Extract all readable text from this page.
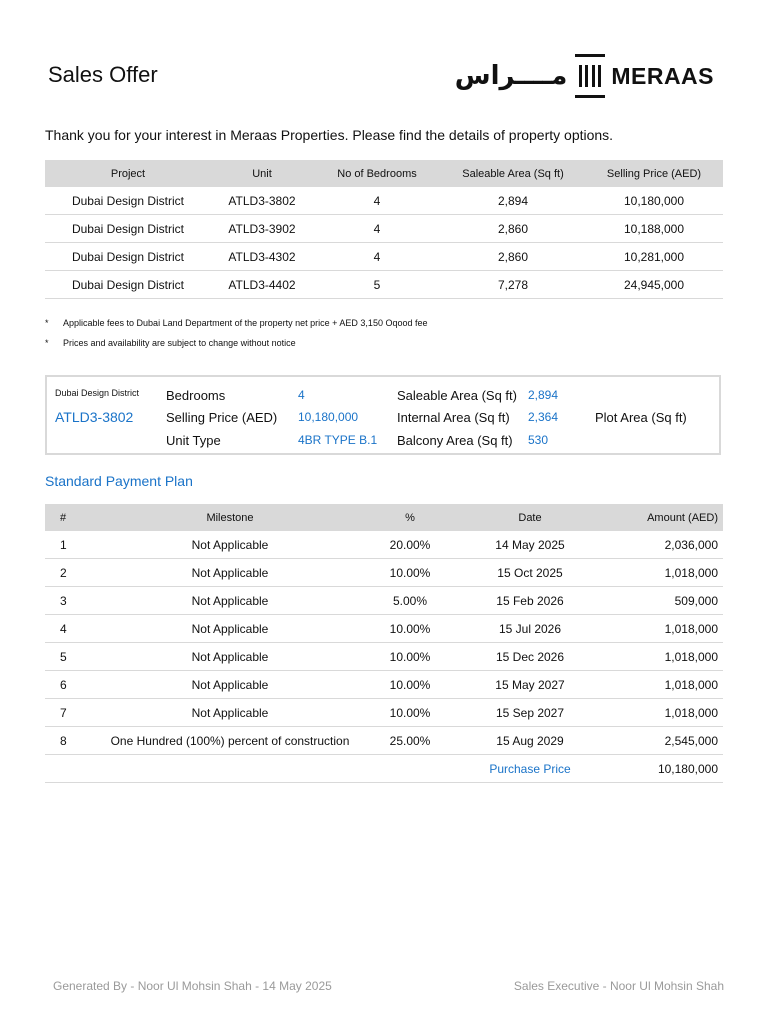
Sales Offer	مــــراس MERAAS
Thank you for your interest in Meraas Properties. Please find the details of property options.
Project	Unit	No of Bedrooms	Saleable Area (Sq ft)	Selling Price (AED)
Dubai Design District	ATLD3-3802	4	2,894	10,180,000
Dubai Design District	ATLD3-3902	4	2,860	10,188,000
Dubai Design District	ATLD3-4302	4	2,860	10,281,000
Dubai Design District	ATLD3-4402	5	7,278	24,945,000
* Applicable fees to Dubai Land Department of the property net price + AED 3,150 Oqood fee
* Prices and availability are subject to change without notice
Dubai Design District
ATLD3-3802
Bedrooms	4
Selling Price (AED) 10,180,000
Unit Type	4BR TYPE B.1
Saleable Area (Sq ft) 2,894
Internal Area (Sq ft) 2,364
Balcony Area (Sq ft) 530
Plot Area (Sq ft)
Standard Payment Plan
#	Milestone	%	Date	Amount (AED)
1	Not Applicable	20.00%	14 May 2025	2,036,000
2	Not Applicable	10.00%	15 Oct 2025	1,018,000
3	Not Applicable	5.00%	15 Feb 2026	509,000
4	Not Applicable	10.00%	15 Jul 2026	1,018,000
5	Not Applicable	10.00%	15 Dec 2026	1,018,000
6	Not Applicable	10.00%	15 May 2027	1,018,000
7	Not Applicable	10.00%	15 Sep 2027	1,018,000
8	One Hundred (100%) percent of construction	25.00%	15 Aug 2029	2,545,000
			Purchase Price	10,180,000
Generated By - Noor Ul Mohsin Shah - 14 May 2025	Sales Executive - Noor Ul Mohsin Shah
